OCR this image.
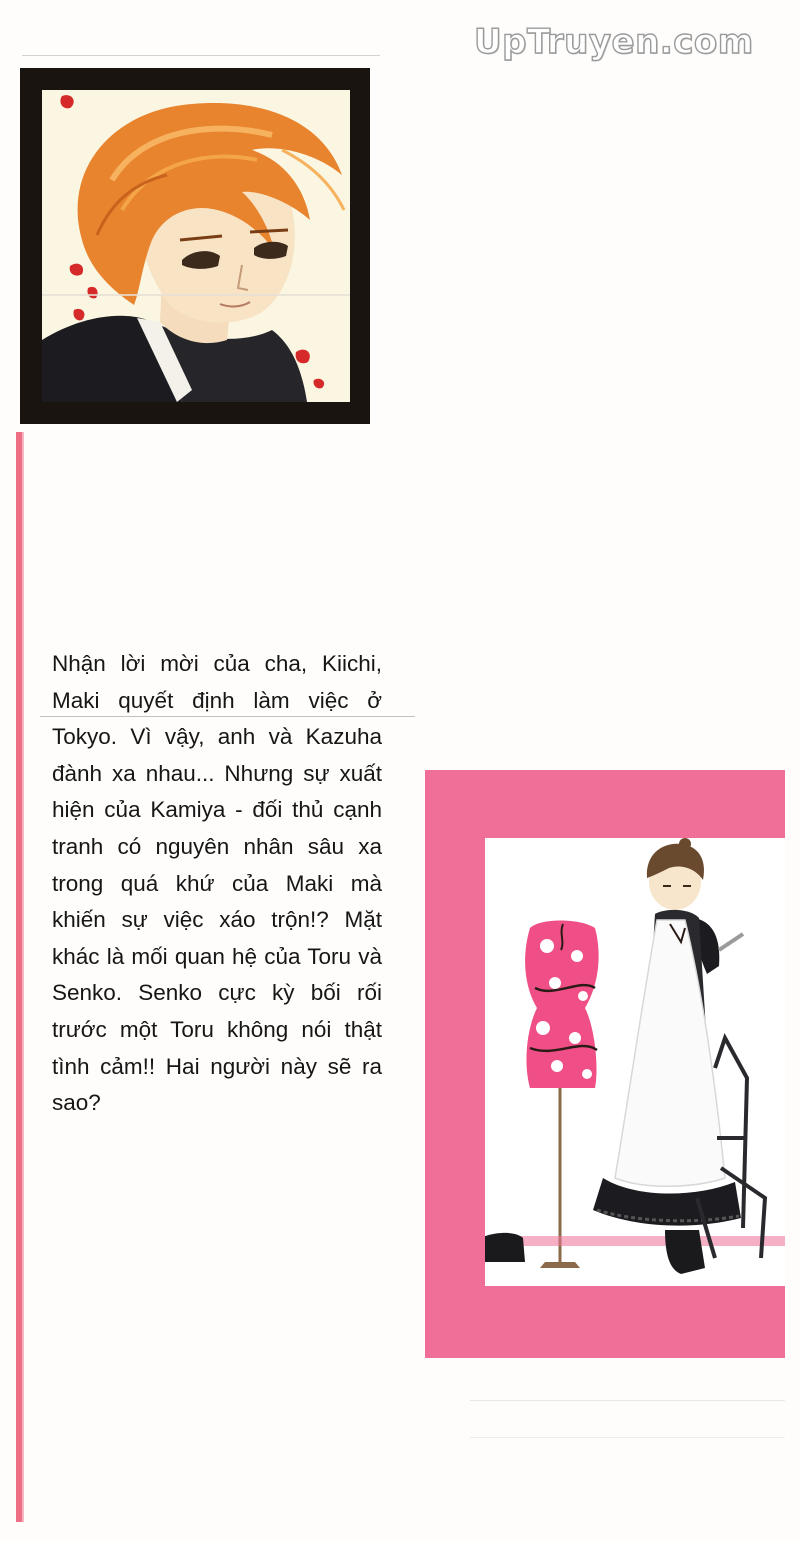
UpTruyen.com

Nhận lời mời của cha, Kiichi, Maki quyết định làm việc ở Tokyo. Vì vậy, anh và Kazuha đành xa nhau... Nhưng sự xuất hiện của Kamiya - đối thủ cạnh tranh có nguyên nhân sâu xa trong quá khứ của Maki mà khiến sự việc xáo trộn!? Mặt khác là mối quan hệ của Toru và Senko. Senko cực kỳ bối rối trước một Toru không nói thật tình cảm!! Hai người này sẽ ra sao?
